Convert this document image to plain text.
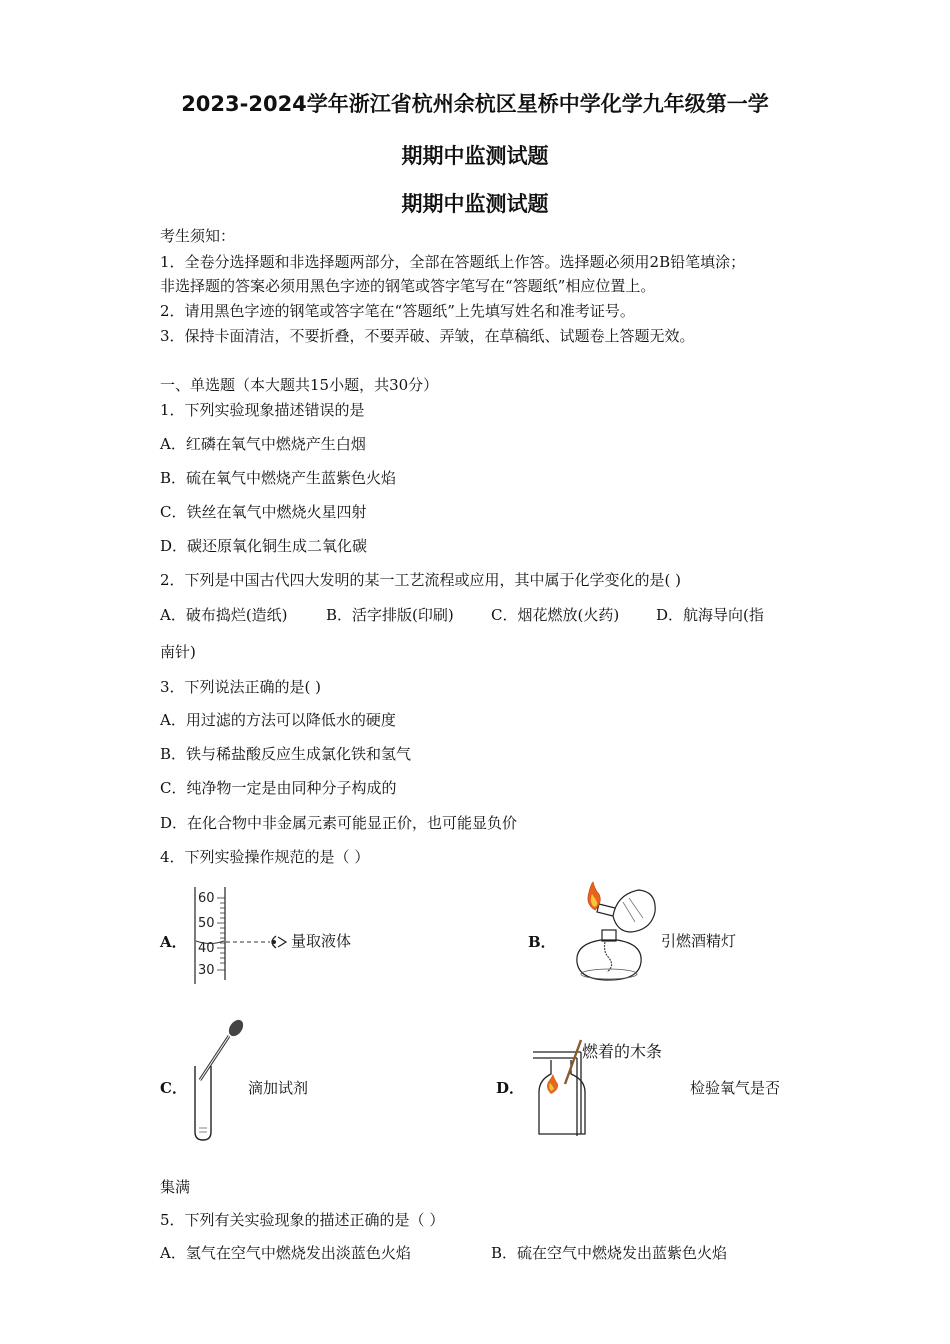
2023-2024学年浙江省杭州余杭区星桥中学化学九年级第一学
期期中监测试题
期期中监测试题
考生须知：
1．全卷分选择题和非选择题两部分，全部在答题纸上作答。选择题必须用2B铅笔填涂；
非选择题的答案必须用黑色字迹的钢笔或答字笔写在“答题纸”相应位置上。
2．请用黑色字迹的钢笔或答字笔在“答题纸”上先填写姓名和准考证号。
3．保持卡面清洁，不要折叠，不要弄破、弄皱，在草稿纸、试题卷上答题无效。
一、单选题（本大题共15小题，共30分）
1．下列实验现象描述错误的是
A．红磷在氧气中燃烧产生白烟
B．硫在氧气中燃烧产生蓝紫色火焰
C．铁丝在氧气中燃烧火星四射
D．碳还原氧化铜生成二氧化碳
2．下列是中国古代四大发明的某一工艺流程或应用，其中属于化学变化的是( )
A．破布捣烂(造纸)	B．活字排版(印刷) C．烟花燃放(火药) D．航海导向(指
南针)
3．下列说法正确的是( )
A．用过滤的方法可以降低水的硬度
B．铁与稀盐酸反应生成氯化铁和氢气
C．纯净物一定是由同种分子构成的
D．在化合物中非金属元素可能显正价，也可能显负价
4．下列实验操作规范的是（ ）
A．
60
50
40
30
量取液体	B．	引燃酒精灯
C．	滴加试剂	D．
燃着的木条
检验氧气是否
集满
5．下列有关实验现象的描述正确的是（ ）
A．氢气在空气中燃烧发出淡蓝色火焰	B．硫在空气中燃烧发出蓝紫色火焰
